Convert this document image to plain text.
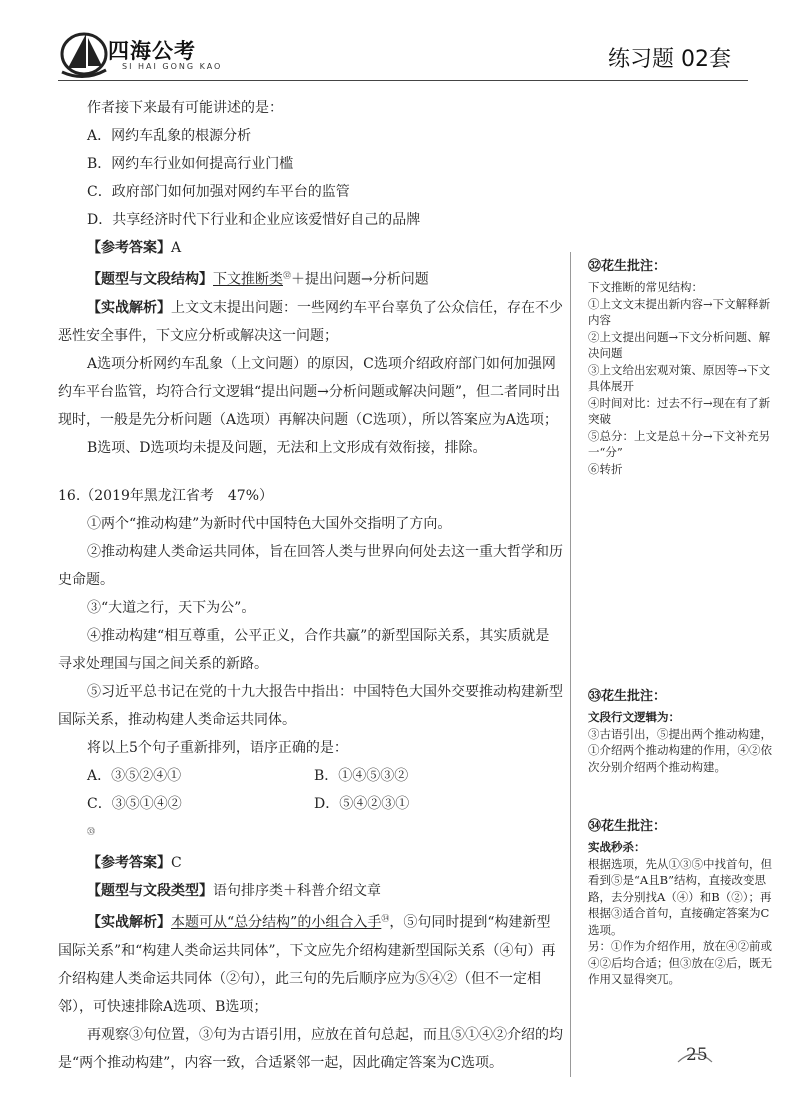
四海公考
SI HAI GONG KAO	练习题 02套

作者接下来最有可能讲述的是：

A．网约车乱象的根源分析

B．网约车行业如何提高行业门槛

C．政府部门如何加强对网约车平台的监管

D．共享经济时代下行业和企业应该爱惜好自己的品牌

【参考答案】A

【题型与文段结构】下文推断类$^㉜$＋提出问题→分析问题

【实战解析】上文文末提出问题：一些网约车平台辜负了公众信任，存在不少恶性安全事件，下文应分析或解决这一问题；

A选项分析网约车乱象（上文问题）的原因，C选项介绍政府部门如何加强网约车平台监管，均符合行文逻辑“提出问题→分析问题或解决问题”，但二者同时出现时，一般是先分析问题（A选项）再解决问题（C选项），所以答案应为A选项；

B选项、D选项均未提及问题，无法和上文形成有效衔接，排除。

16.（2019年黑龙江省考　47%）

①两个“推动构建”为新时代中国特色大国外交指明了方向。

②推动构建人类命运共同体，旨在回答人类与世界向何处去这一重大哲学和历史命题。

③“大道之行，天下为公”。

④推动构建“相互尊重，公平正义，合作共赢”的新型国际关系，其实质就是寻求处理国与国之间关系的新路。

⑤习近平总书记在党的十九大报告中指出：中国特色大国外交要推动构建新型国际关系，推动构建人类命运共同体。

将以上5个句子重新排列，语序正确的是：

A．③⑤②④①	B．①④⑤③②
C．③⑤①④②
$^㉝$
D．⑤④②③①

【参考答案】C

【题型与文段类型】语句排序类＋科普介绍文章

【实战解析】本题可从“总分结构”的小组合入手$^㉞$，⑤句同时提到“构建新型国际关系”和“构建人类命运共同体”，下文应先介绍构建新型国际关系（④句）再介绍构建人类命运共同体（②句），此三句的先后顺序应为⑤④②（但不一定相邻），可快速排除A选项、B选项；

再观察③句位置，③句为古语引用，应放在首句总起，而且⑤①④②介绍的均是“两个推动构建”，内容一致，合适紧邻一起，因此确定答案为C选项。

㉜花生批注：

下文推断的常见结构：

①上文文末提出新内容→下文解释新内容

②上文提出问题→下文分析问题、解决问题

③上文给出宏观对策、原因等→下文具体展开

④时间对比：过去不行→现在有了新突破

⑤总分：上文是总＋分→下文补充另一“分”

⑥转折

㉝花生批注：

文段行文逻辑为：

③古语引出，⑤提出两个推动构建，①介绍两个推动构建的作用，④②依次分别介绍两个推动构建。

㉞花生批注：

实战秒杀：

根据选项，先从①③⑤中找首句，但看到⑤是“A且B”结构，直接改变思路，去分别找A（④）和B（②）；再根据③适合首句，直接确定答案为C选项。

另：①作为介绍作用，放在④②前或④②后均合适；但③放在②后，既无作用又显得突兀。

25
